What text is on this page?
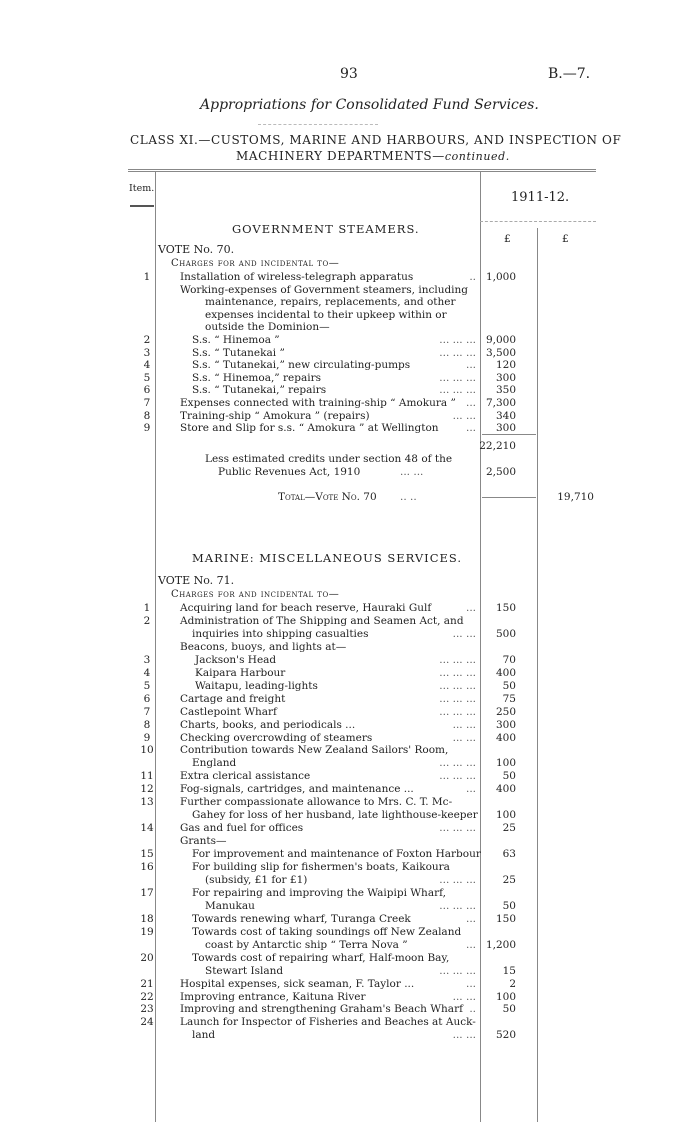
93	B.—7.
Appropriations for Consolidated Fund Services.
CLASS XI.—CUSTOMS, MARINE AND HARBOURS, AND INSPECTION OF
MACHINERY DEPARTMENTS—continued.
Item.
1911-12.
£	£
GOVERNMENT STEAMERS.
VOTE No. 70.
Charges for and incidental to—
1	Installation of wireless-telegraph apparatus	.. 1,000
Working-expenses of Government steamers, including
maintenance, repairs, replacements, and other
expenses incidental to their upkeep within or
outside the Dominion—
2	S.s. “ Hinemoa ”	... ... ... 9,000
3	S.s. “ Tutanekai ”	... ... ... 3,500
4	S.s. “ Tutanekai,” new circulating-pumps	...	120
5	S.s. “ Hinemoa,” repairs	... ... ...	300
6	S.s. “ Tutanekai,” repairs	... ... ...	350
7	Expenses connected with training-ship “ Amokura ” ... 7,300
8	Training-ship “ Amokura ” (repairs)	... ...	340
9	Store and Slip for s.s. “ Amokura ” at Wellington	...	300
22,210
Less estimated credits under section 48 of the
Public Revenues Act, 1910	... ...	2,500
Total—Vote No. 70 .. ..	19,710
MARINE: MISCELLANEOUS SERVICES.
VOTE No. 71.
Charges for and incidental to—
1	Acquiring land for beach reserve, Hauraki Gulf	...	150
2	Administration of The Shipping and Seamen Act, and
inquiries into shipping casualties	... ...	500
Beacons, buoys, and lights at—
3	Jackson's Head	... ... ...	70
4	Kaipara Harbour	... ... ...	400
5	Waitapu, leading-lights	... ... ...	50
6	Cartage and freight	... ... ...	75
7	Castlepoint Wharf	... ... ...	250
8	Charts, books, and periodicals ...	... ...	300
9	Checking overcrowding of steamers	... ...	400
10	Contribution towards New Zealand Sailors' Room,
England	... ... ...	100
11	Extra clerical assistance	... ... ...	50
12	Fog-signals, cartridges, and maintenance ...	...	400
13	Further compassionate allowance to Mrs. C. T. Mc-
Gahey for loss of her husband, late lighthouse-keeper	100
14	Gas and fuel for offices	... ... ...	25
Grants—
15	For improvement and maintenance of Foxton Harbour	63
16	For building slip for fishermen's boats, Kaikoura
(subsidy, £1 for £1)	... ... ...	25
17	For repairing and improving the Waipipi Wharf,
Manukau	... ... ...	50
18	Towards renewing wharf, Turanga Creek	...	150
19	Towards cost of taking soundings off New Zealand
coast by Antarctic ship “ Terra Nova ”	... 1,200
20	Towards cost of repairing wharf, Half-moon Bay,
Stewart Island	... ... ...	15
21	Hospital expenses, sick seaman, F. Taylor ...	...	2
22	Improving entrance, Kaituna River	... ...	100
23	Improving and strengthening Graham's Beach Wharf ..	50
24	Launch for Inspector of Fisheries and Beaches at Auck-
land	... ...	520
